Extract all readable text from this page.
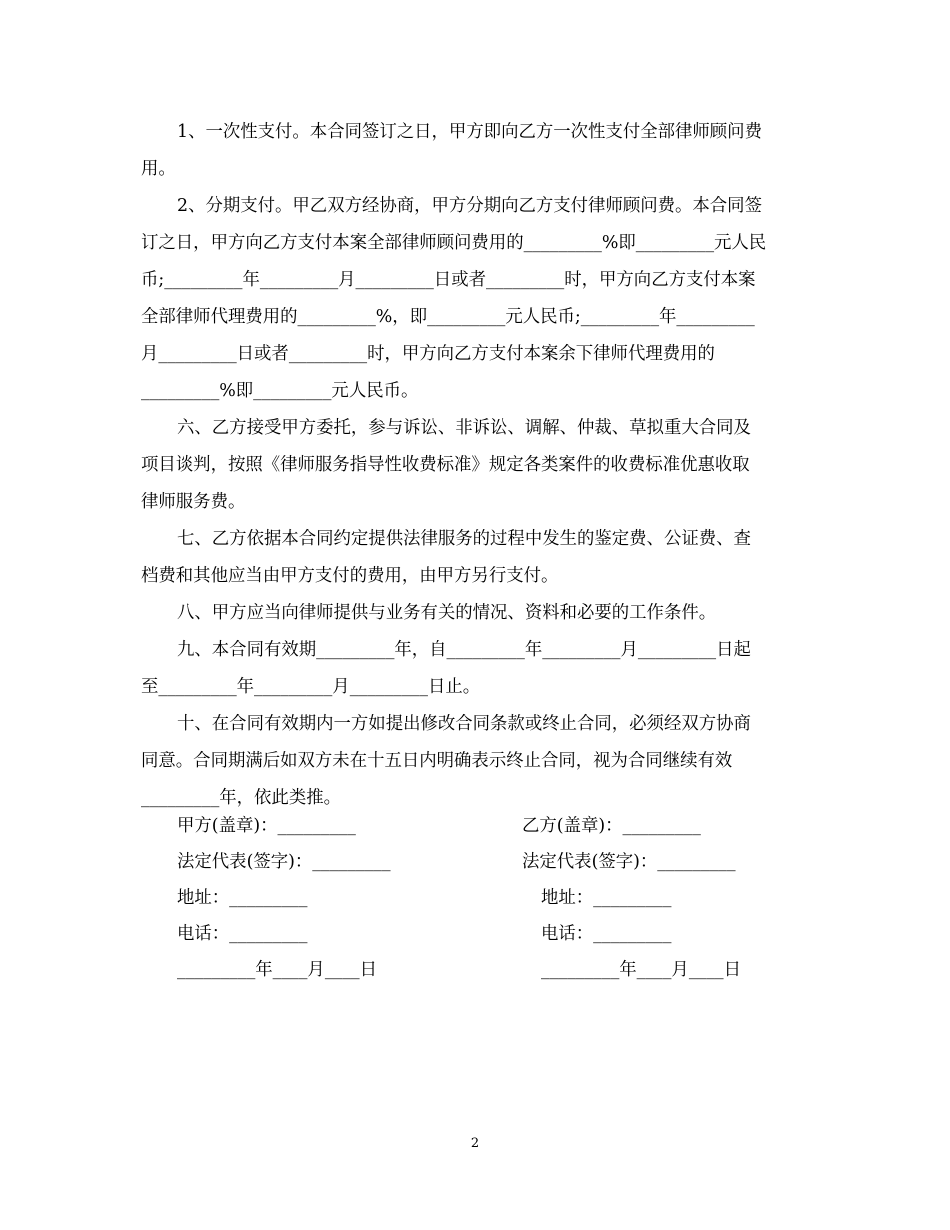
1、一次性支付。本合同签订之日，甲方即向乙方一次性支付全部律师顾问费
用。
2、分期支付。甲乙双方经协商，甲方分期向乙方支付律师顾问费。本合同签
订之日，甲方向乙方支付本案全部律师顾问费用的_________%即_________元人民
币;_________年_________月_________日或者_________时，甲方向乙方支付本案
全部律师代理费用的_________%，即_________元人民币;_________年_________
月_________日或者_________时，甲方向乙方支付本案余下律师代理费用的
_________%即_________元人民币。
六、乙方接受甲方委托，参与诉讼、非诉讼、调解、仲裁、草拟重大合同及
项目谈判，按照《律师服务指导性收费标准》规定各类案件的收费标准优惠收取
律师服务费。
七、乙方依据本合同约定提供法律服务的过程中发生的鉴定费、公证费、查
档费和其他应当由甲方支付的费用，由甲方另行支付。
八、甲方应当向律师提供与业务有关的情况、资料和必要的工作条件。
九、本合同有效期_________年，自_________年_________月_________日起
至_________年_________月_________日止。
十、在合同有效期内一方如提出修改合同条款或终止合同，必须经双方协商
同意。合同期满后如双方未在十五日内明确表示终止合同，视为合同继续有效
_________年，依此类推。
甲方(盖章)：_________	乙方(盖章)：_________
法定代表(签字)：_________	法定代表(签字)：_________
地址：_________	地址：_________
电话：_________	电话：_________
_________年____月____日	_________年____月____日
2
